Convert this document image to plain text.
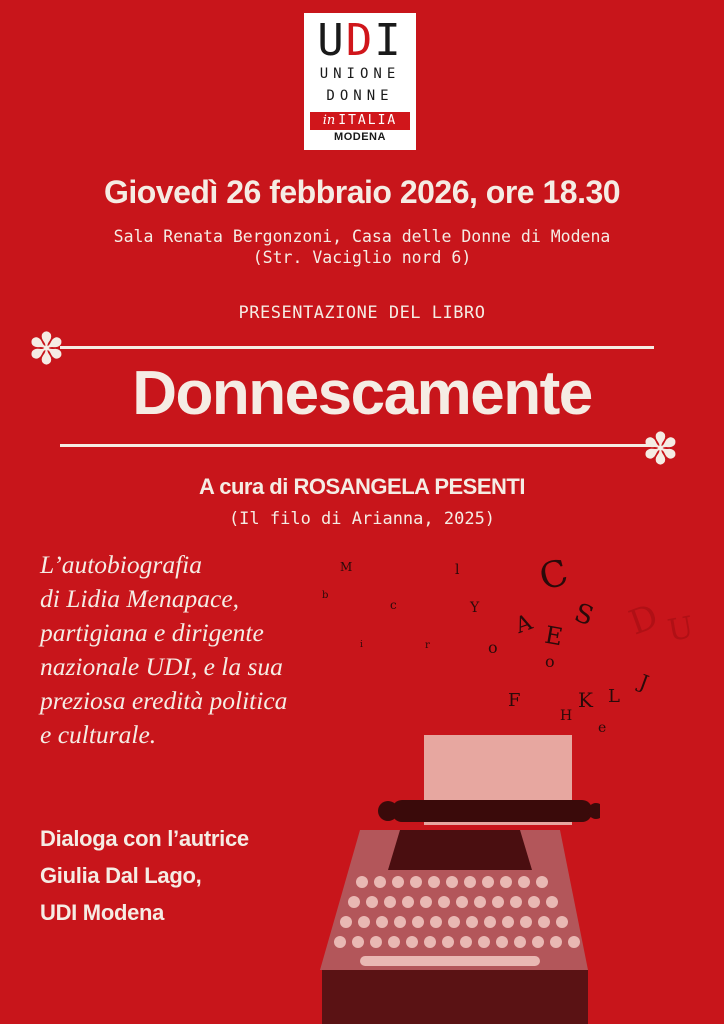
UDI
UNIONE
DONNE
in ITALIA
MODENA
Giovedì 26 febbraio 2026, ore 18.30
Sala Renata Bergonzoni, Casa delle Donne di Modena
(Str. Vaciglio nord 6)
PRESENTAZIONE DEL LIBRO
✽
Donnescamente
✽
A cura di ROSANGELA PESENTI
(Il filo di Arianna, 2025)
L’autobiografia
di Lidia Menapace,
partigiana e dirigente
nazionale UDI, e la sua
preziosa eredità politica
e culturale.
Dialoga con l’autrice
Giulia Dal Lago,
UDI Modena
C
D U
S
E
A
o
o
l
M
c	Y
F	K L
J
H
e
r
b
i
